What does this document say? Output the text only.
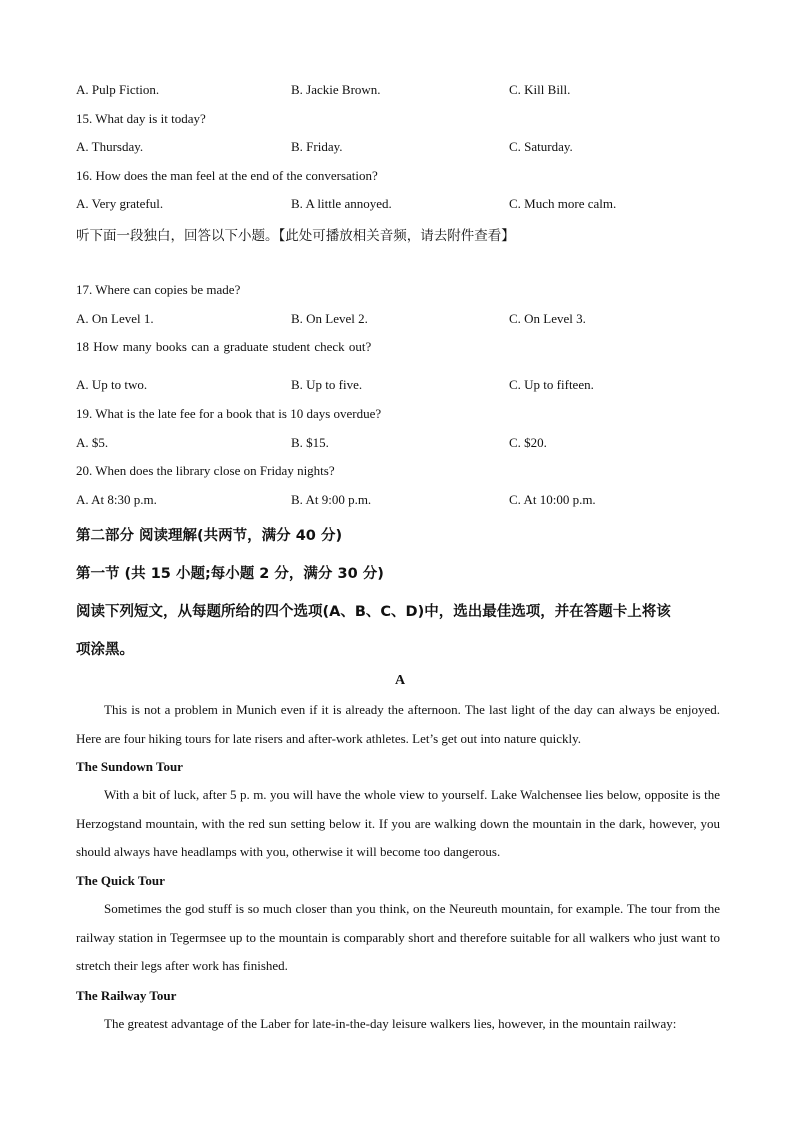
A. Pulp Fiction.	B. Jackie Brown.	C. Kill Bill.
15. What day is it today?
A. Thursday.	B. Friday.	C. Saturday.
16. How does the man feel at the end of the conversation?
A. Very grateful.	B. A little annoyed.	C. Much more calm.
听下面一段独白，回答以下小题。【此处可播放相关音频，请去附件查看】
17. Where can copies be made?
A. On Level 1.	B. On Level 2.	C. On Level 3.
18 How many books can a graduate student check out?
A. Up to two.	B. Up to five.	C. Up to fifteen.
19. What is the late fee for a book that is 10 days overdue?
A. $5.	B. $15.	C. $20.
20. When does the library close on Friday nights?
A. At 8:30 p.m.	B. At 9:00 p.m.	C. At 10:00 p.m.
第二部分 阅读理解(共两节，满分 40 分)
第一节 (共 15 小题;每小题 2 分，满分 30 分)
阅读下列短文，从每题所给的四个选项(A、B、C、D)中，选出最佳选项，并在答题卡上将该
项涂黑。
A
This is not a problem in Munich even if it is already the afternoon. The last light of the day can always be enjoyed. Here are four hiking tours for late risers and after-work athletes. Let’s get out into nature quickly.
The Sundown Tour
With a bit of luck, after 5 p. m. you will have the whole view to yourself. Lake Walchensee lies below, opposite is the Herzogstand mountain, with the red sun setting below it. If you are walking down the mountain in the dark, however, you should always have headlamps with you, otherwise it will become too dangerous.
The Quick Tour
Sometimes the god stuff is so much closer than you think, on the Neureuth mountain, for example. The tour from the railway station in Tegermsee up to the mountain is comparably short and therefore suitable for all walkers who just want to stretch their legs after work has finished.
The Railway Tour
The greatest advantage of the Laber for late-in-the-day leisure walkers lies, however, in the mountain railway:
